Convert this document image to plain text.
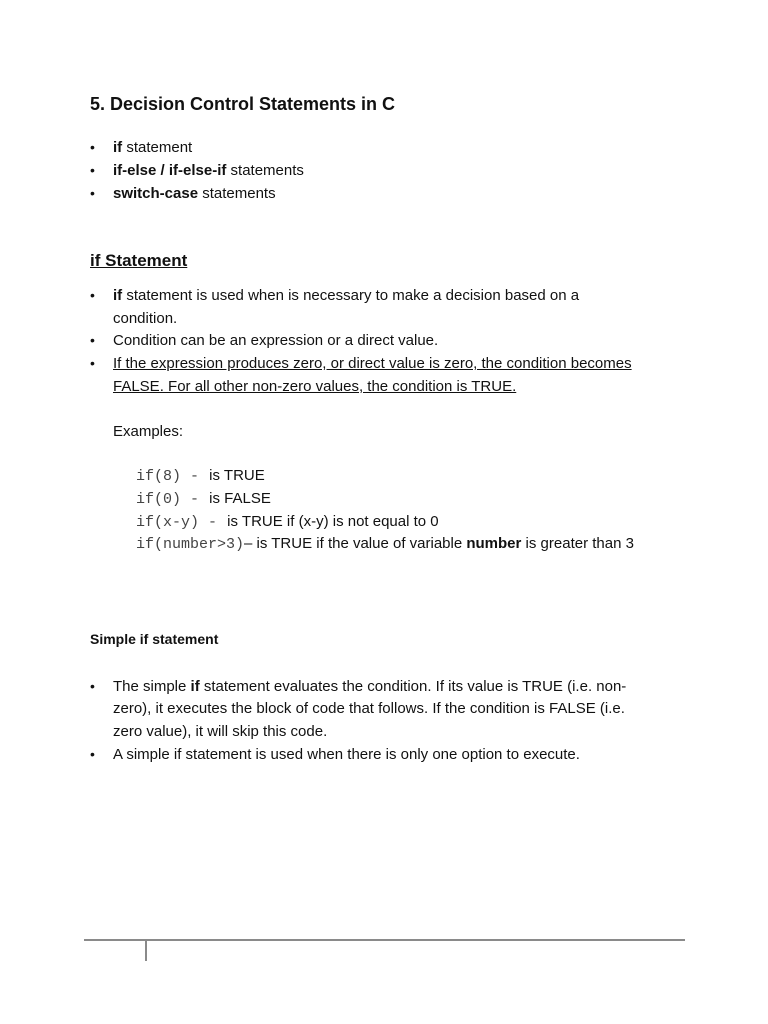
5. Decision Control Statements in C
• if statement
• if-else / if-else-if statements
• switch-case statements
if Statement
• if statement is used when is necessary to make a decision based on a
condition.
• Condition can be an expression or a direct value.
• If the expression produces zero, or direct value is zero, the condition becomes
FALSE. For all other non-zero values, the condition is TRUE.
Examples:
if(8) - is TRUE
if(0) - is FALSE
if(x-y) - is TRUE if (x-y) is not equal to 0
if(number>3)– is TRUE if the value of variable number is greater than 3
Simple if statement
• The simple if statement evaluates the condition. If its value is TRUE (i.e. non-
zero), it executes the block of code that follows. If the condition is FALSE (i.e.
zero value), it will skip this code.
• A simple if statement is used when there is only one option to execute.
